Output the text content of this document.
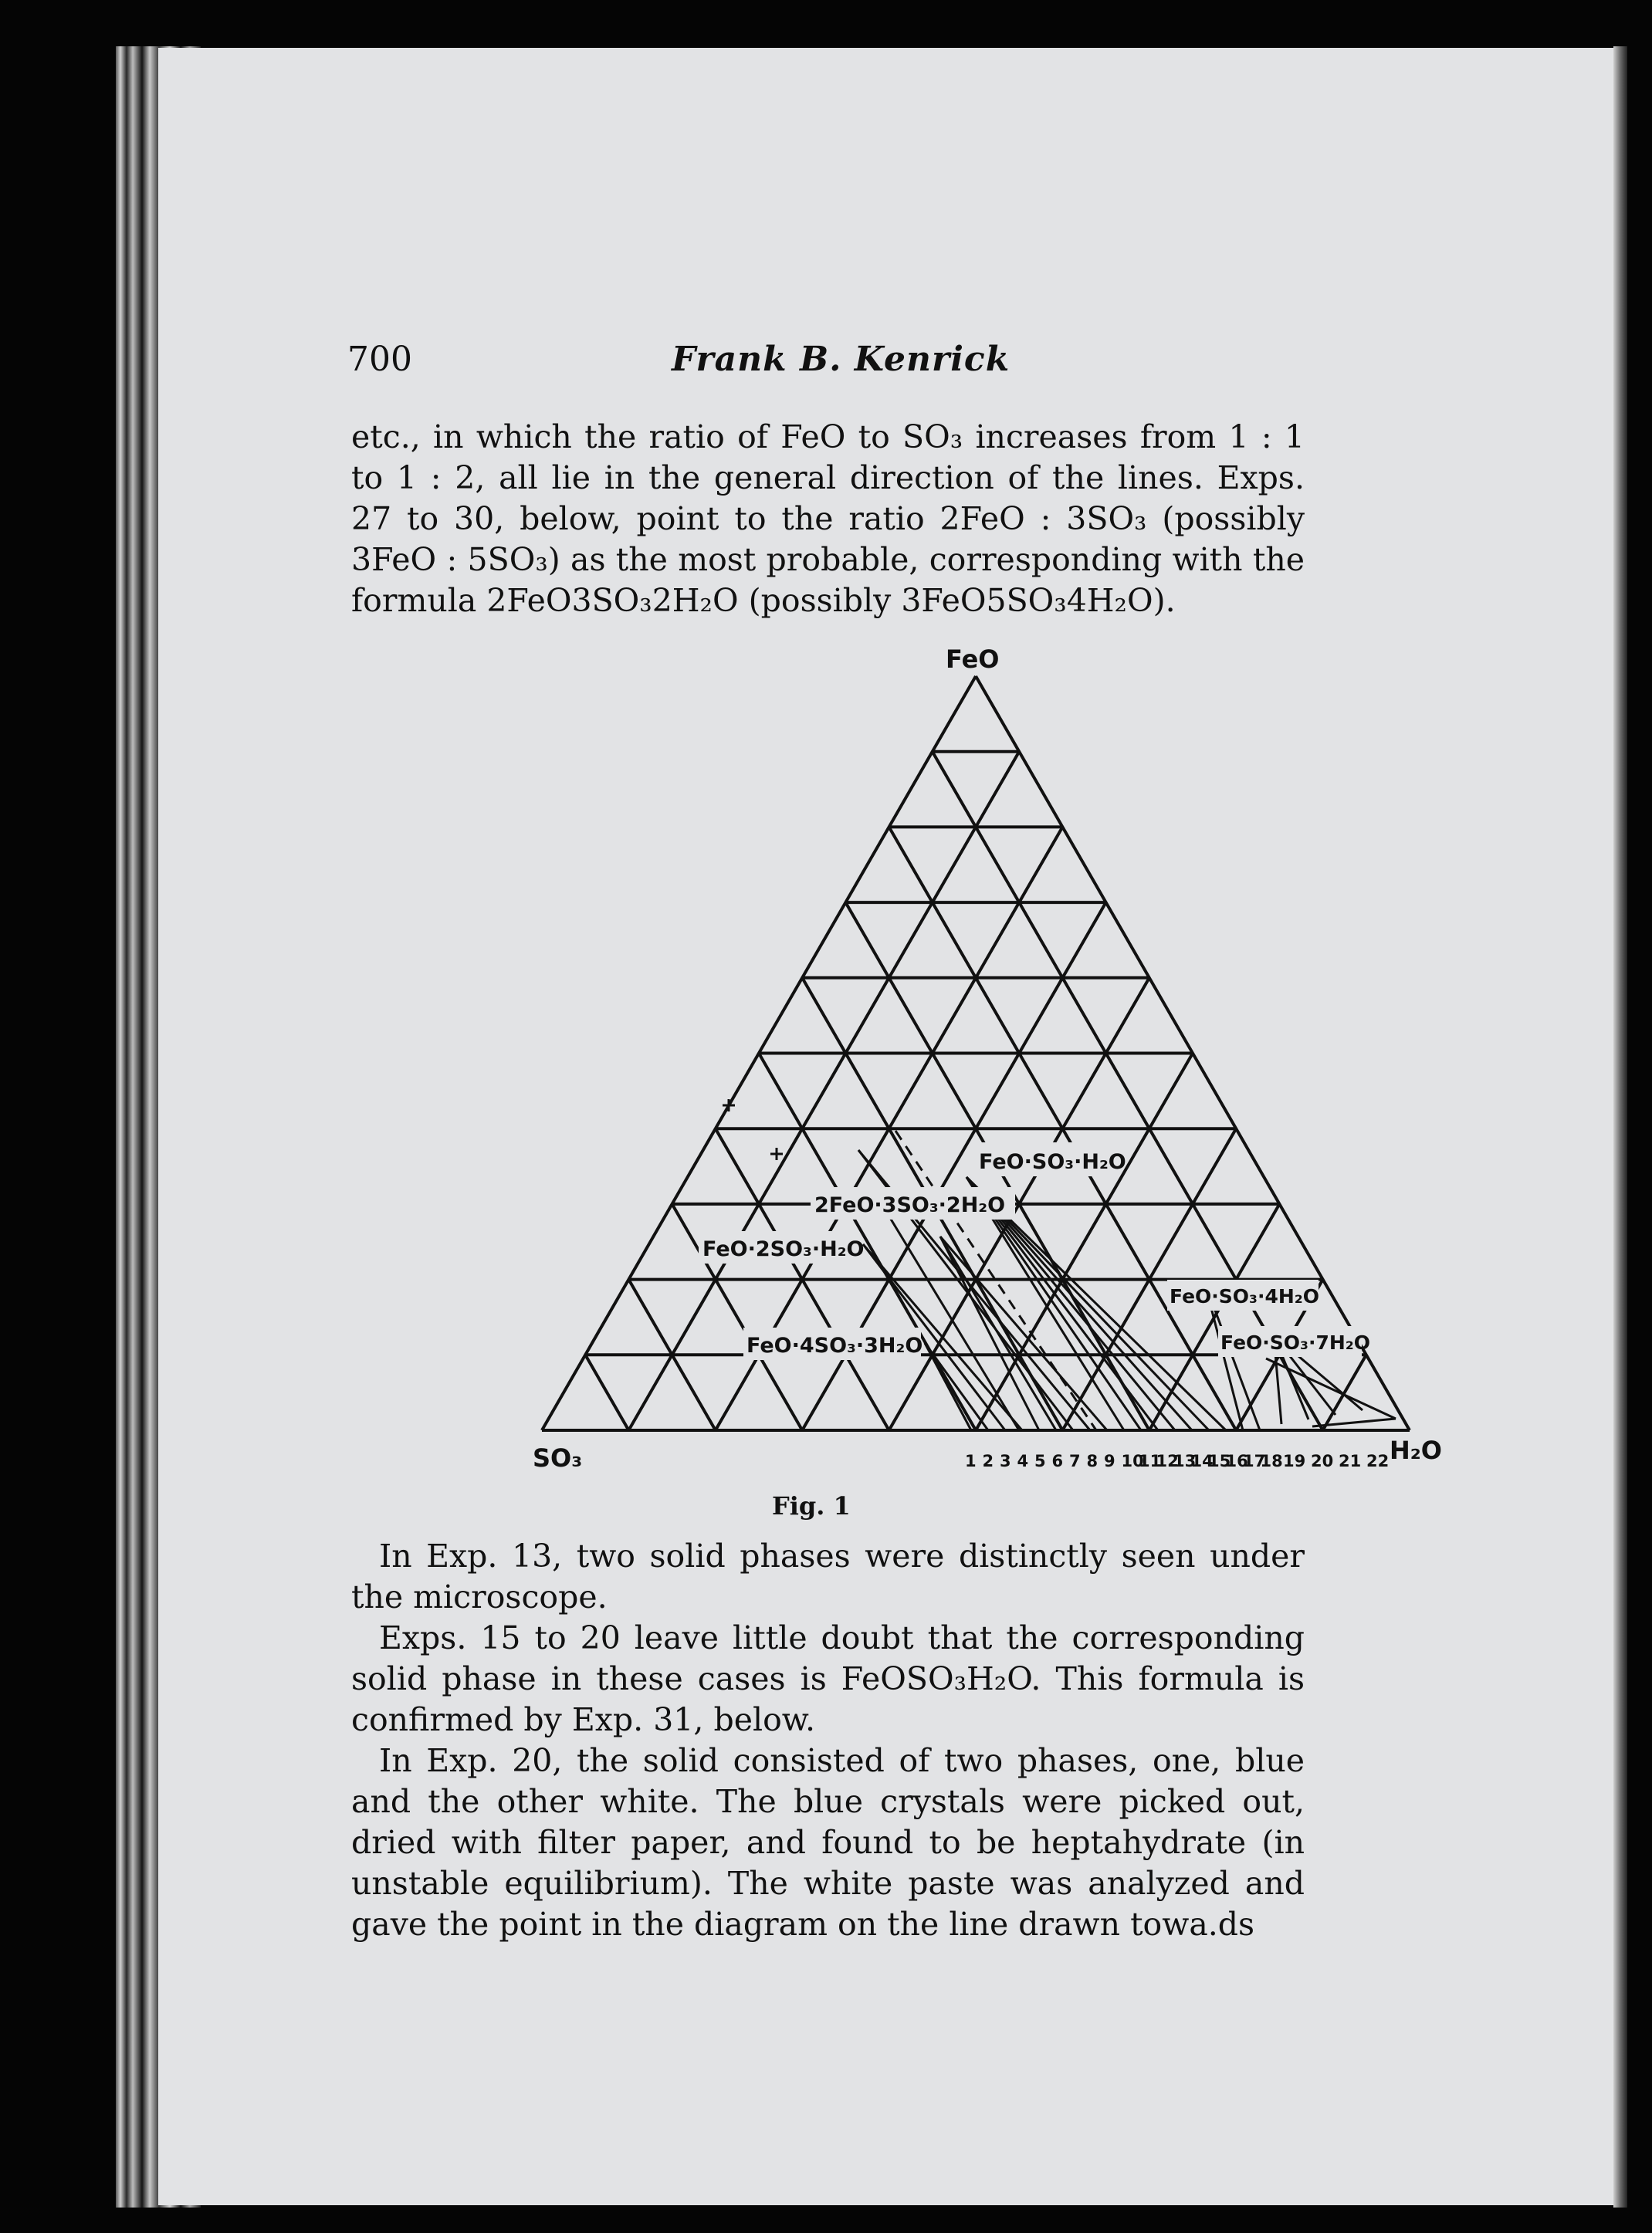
700	Frank B. Kenrick

etc., in which the ratio of FeO to SO₃ increases from 1 : 1 to 1 : 2, all lie in the general direction of the lines. Exps. 27 to 30, below, point to the ratio 2FeO : 3SO₃ (possibly 3FeO : 5SO₃) as the most probable, corresponding with the formula 2FeO3SO₃2H₂O (possibly 3FeO5SO₃4H₂O).

FeO
SO₃	H₂O
FeO·SO₃·H₂O
2FeO·3SO₃·2H₂O
FeO·2SO₃·H₂O
FeO·4SO₃·3H₂O
FeO·SO₃·4H₂O
FeO·SO₃·7H₂O
1 2 3 4 5 6 7 8 9 10
11
12
13
14
15
16
17
18 19 20 21 22
Fig. 1

In Exp. 13, two solid phases were distinctly seen under the microscope.

Exps. 15 to 20 leave little doubt that the corresponding solid phase in these cases is FeOSO₃H₂O. This formula is confirmed by Exp. 31, below.

In Exp. 20, the solid consisted of two phases, one, blue and the other white. The blue crystals were picked out, dried with filter paper, and found to be heptahydrate (in unstable equilibrium). The white paste was analyzed and gave the point in the diagram on the line drawn towa.ds
